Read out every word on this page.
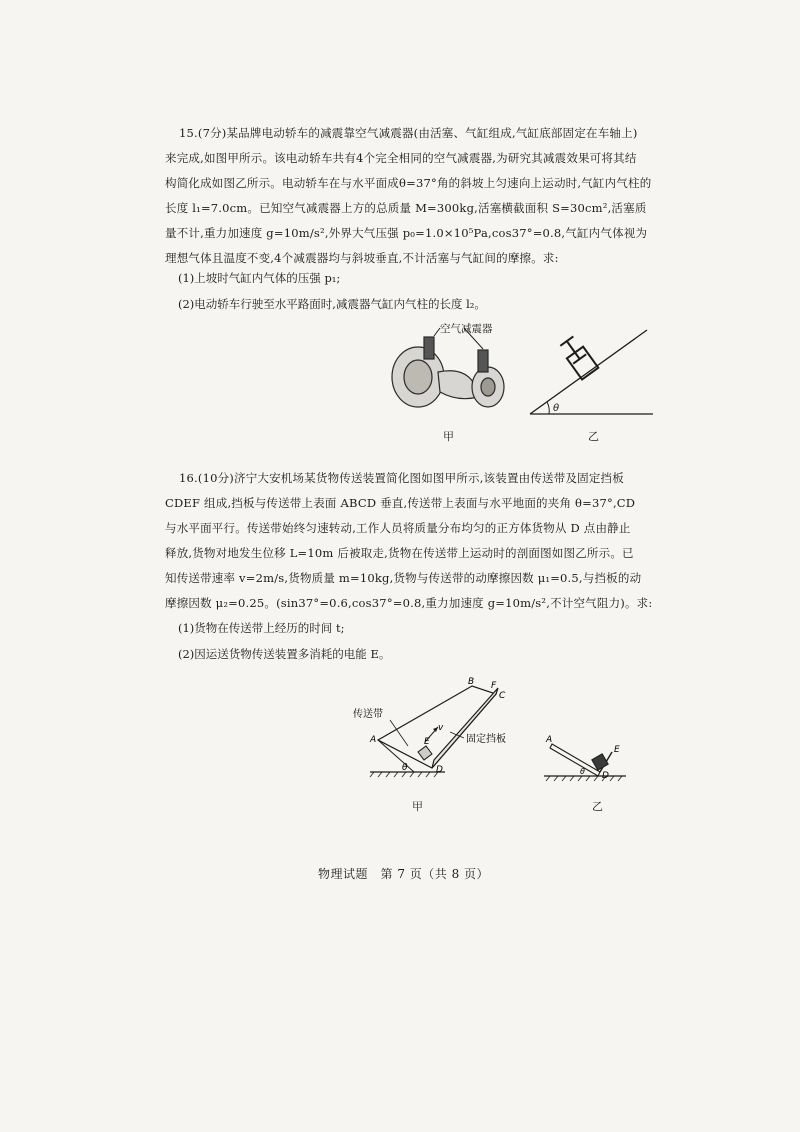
15.(7分)某品牌电动轿车的减震靠空气减震器(由活塞、气缸组成,气缸底部固定在车轴上)
来完成,如图甲所示。该电动轿车共有4个完全相同的空气减震器,为研究其减震效果可将其结
构简化成如图乙所示。电动轿车在与水平面成θ=37°角的斜坡上匀速向上运动时,气缸内气柱的
长度 l₁=7.0cm。已知空气减震器上方的总质量 M=300kg,活塞横截面积 S=30cm²,活塞质
量不计,重力加速度 g=10m/s²,外界大气压强 p₀=1.0×10⁵Pa,cos37°=0.8,气缸内气体视为
理想气体且温度不变,4个减震器均与斜坡垂直,不计活塞与气缸间的摩擦。求:
(1)上坡时气缸内气体的压强 p₁;
(2)电动轿车行驶至水平路面时,减震器气缸内气柱的长度 l₂。
空气减震器
甲
θ
乙
16.(10分)济宁大安机场某货物传送装置简化图如图甲所示,该装置由传送带及固定挡板
CDEF 组成,挡板与传送带上表面 ABCD 垂直,传送带上表面与水平地面的夹角 θ=37°,CD
与水平面平行。传送带始终匀速转动,工作人员将质量分布均匀的正方体货物从 D 点由静止
释放,货物对地发生位移 L=10m 后被取走,货物在传送带上运动时的剖面图如图乙所示。已
知传送带速率 v=2m/s,货物质量 m=10kg,货物与传送带的动摩擦因数 μ₁=0.5,与挡板的动
摩擦因数 μ₂=0.25。(sin37°=0.6,cos37°=0.8,重力加速度 g=10m/s²,不计空气阻力)。求:
(1)货物在传送带上经历的时间 t;
(2)因运送货物传送装置多消耗的电能 E。
v
传送带
固定挡板
A
B F
C
D
E
θ
甲
A
E
D
θ
乙
物理试题　第 7 页（共 8 页）
